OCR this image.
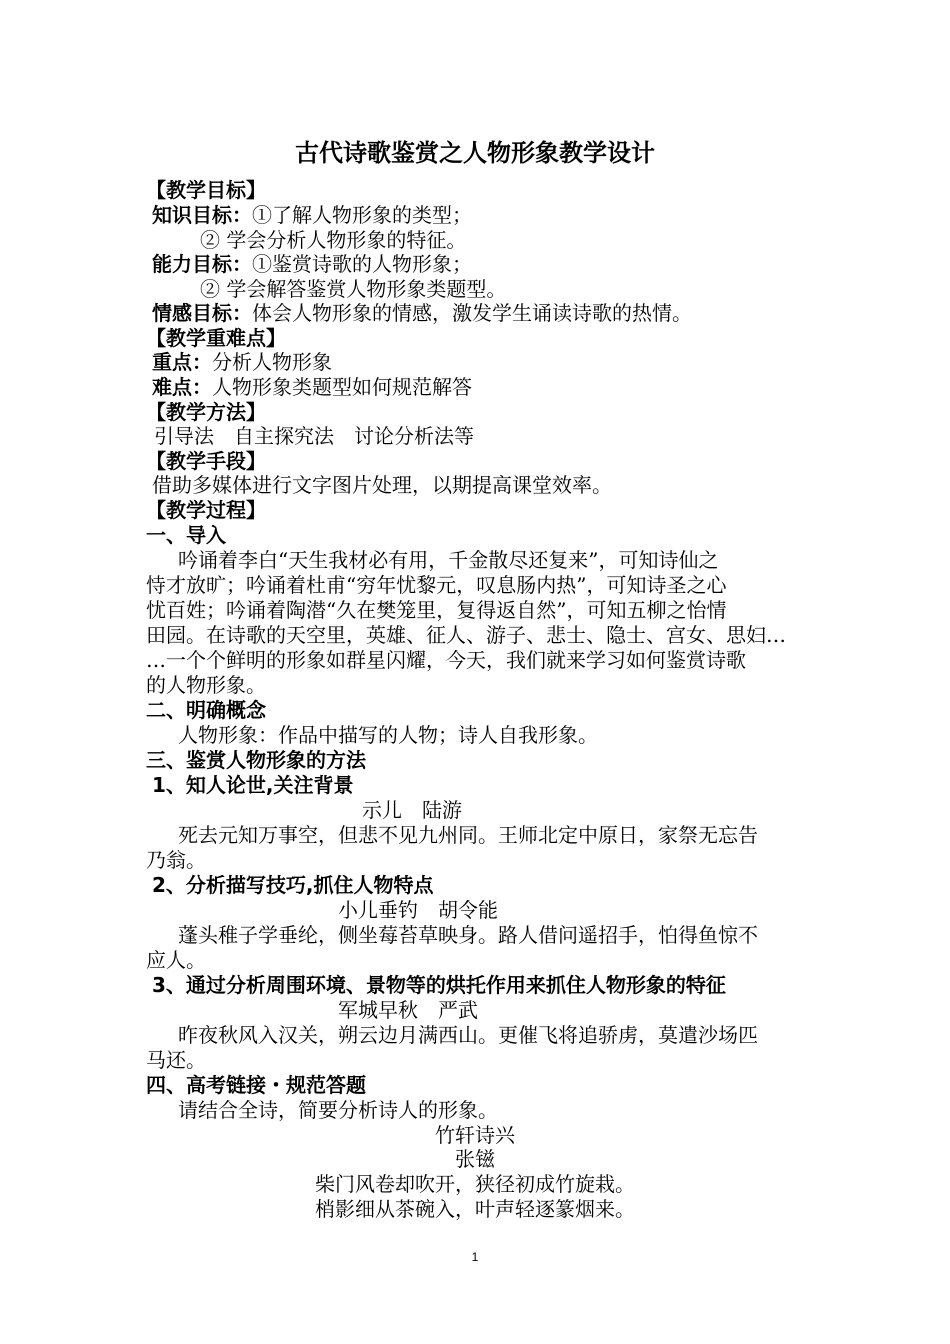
古代诗歌鉴赏之人物形象教学设计
【教学目标】
知识目标：①了解人物形象的类型；
② 学会分析人物形象的特征。
能力目标：①鉴赏诗歌的人物形象；
② 学会解答鉴赏人物形象类题型。
情感目标：体会人物形象的情感，激发学生诵读诗歌的热情。
【教学重难点】
重点：分析人物形象
难点：人物形象类题型如何规范解答
【教学方法】
引导法　自主探究法　讨论分析法等
【教学手段】
借助多媒体进行文字图片处理，以期提高课堂效率。
【教学过程】
一、导入
吟诵着李白“天生我材必有用，千金散尽还复来”，可知诗仙之
恃才放旷；吟诵着杜甫“穷年忧黎元，叹息肠内热”，可知诗圣之心
忧百姓；吟诵着陶潜“久在樊笼里，复得返自然”，可知五柳之怡情
田园。在诗歌的天空里，英雄、征人、游子、悲士、隐士、宫女、思妇…
…一个个鲜明的形象如群星闪耀，今天，我们就来学习如何鉴赏诗歌
的人物形象。
二、明确概念
人物形象：作品中描写的人物；诗人自我形象。
三、鉴赏人物形象的方法
1、知人论世,关注背景
示儿　陆游
死去元知万事空，但悲不见九州同。王师北定中原日，家祭无忘告
乃翁。
2、分析描写技巧,抓住人物特点
小儿垂钓　胡令能
蓬头稚子学垂纶，侧坐莓苔草映身。路人借问遥招手，怕得鱼惊不
应人。
3、通过分析周围环境、景物等的烘托作用来抓住人物形象的特征
军城早秋　严武
昨夜秋风入汉关，朔云边月满西山。更催飞将追骄虏，莫遣沙场匹
马还。
四、高考链接・规范答题
请结合全诗，简要分析诗人的形象。
竹轩诗兴
张镃
柴门风卷却吹开，狭径初成竹旋栽。
梢影细从茶碗入，叶声轻逐篆烟来。
1
